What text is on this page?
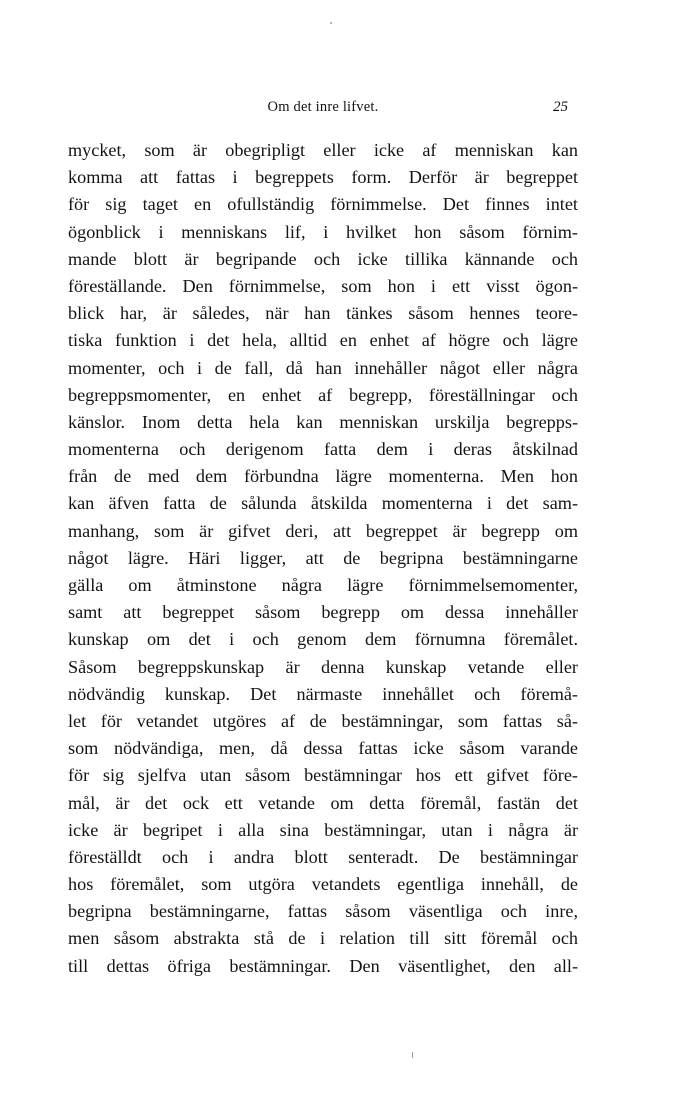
Om det inre lifvet.	25
mycket, som är obegripligt eller icke af menniskan kan
komma att fattas i begreppets form. Derför är begreppet
för sig taget en ofullständig förnimmelse. Det finnes intet
ögonblick i menniskans lif, i hvilket hon såsom förnim-
mande blott är begripande och icke tillika kännande och
föreställande. Den förnimmelse, som hon i ett visst ögon-
blick har, är således, när han tänkes såsom hennes teore-
tiska funktion i det hela, alltid en enhet af högre och lägre
momenter, och i de fall, då han innehåller något eller några
begreppsmomenter, en enhet af begrepp, föreställningar och
känslor. Inom detta hela kan menniskan urskilja begrepps-
momenterna och derigenom fatta dem i deras åtskilnad
från de med dem förbundna lägre momenterna. Men hon
kan äfven fatta de sålunda åtskilda momenterna i det sam-
manhang, som är gifvet deri, att begreppet är begrepp om
något lägre. Häri ligger, att de begripna bestämningarne
gälla om åtminstone några lägre förnimmelsemomenter,
samt att begreppet såsom begrepp om dessa innehåller
kunskap om det i och genom dem förnumna föremålet.
Såsom begreppskunskap är denna kunskap vetande eller
nödvändig kunskap. Det närmaste innehållet och föremå-
let för vetandet utgöres af de bestämningar, som fattas så-
som nödvändiga, men, då dessa fattas icke såsom varande
för sig sjelfva utan såsom bestämningar hos ett gifvet före-
mål, är det ock ett vetande om detta föremål, fastän det
icke är begripet i alla sina bestämningar, utan i några är
föreställdt och i andra blott senteradt. De bestämningar
hos föremålet, som utgöra vetandets egentliga innehåll, de
begripna bestämningarne, fattas såsom väsentliga och inre,
men såsom abstrakta stå de i relation till sitt föremål och
till dettas öfriga bestämningar. Den väsentlighet, den all-
